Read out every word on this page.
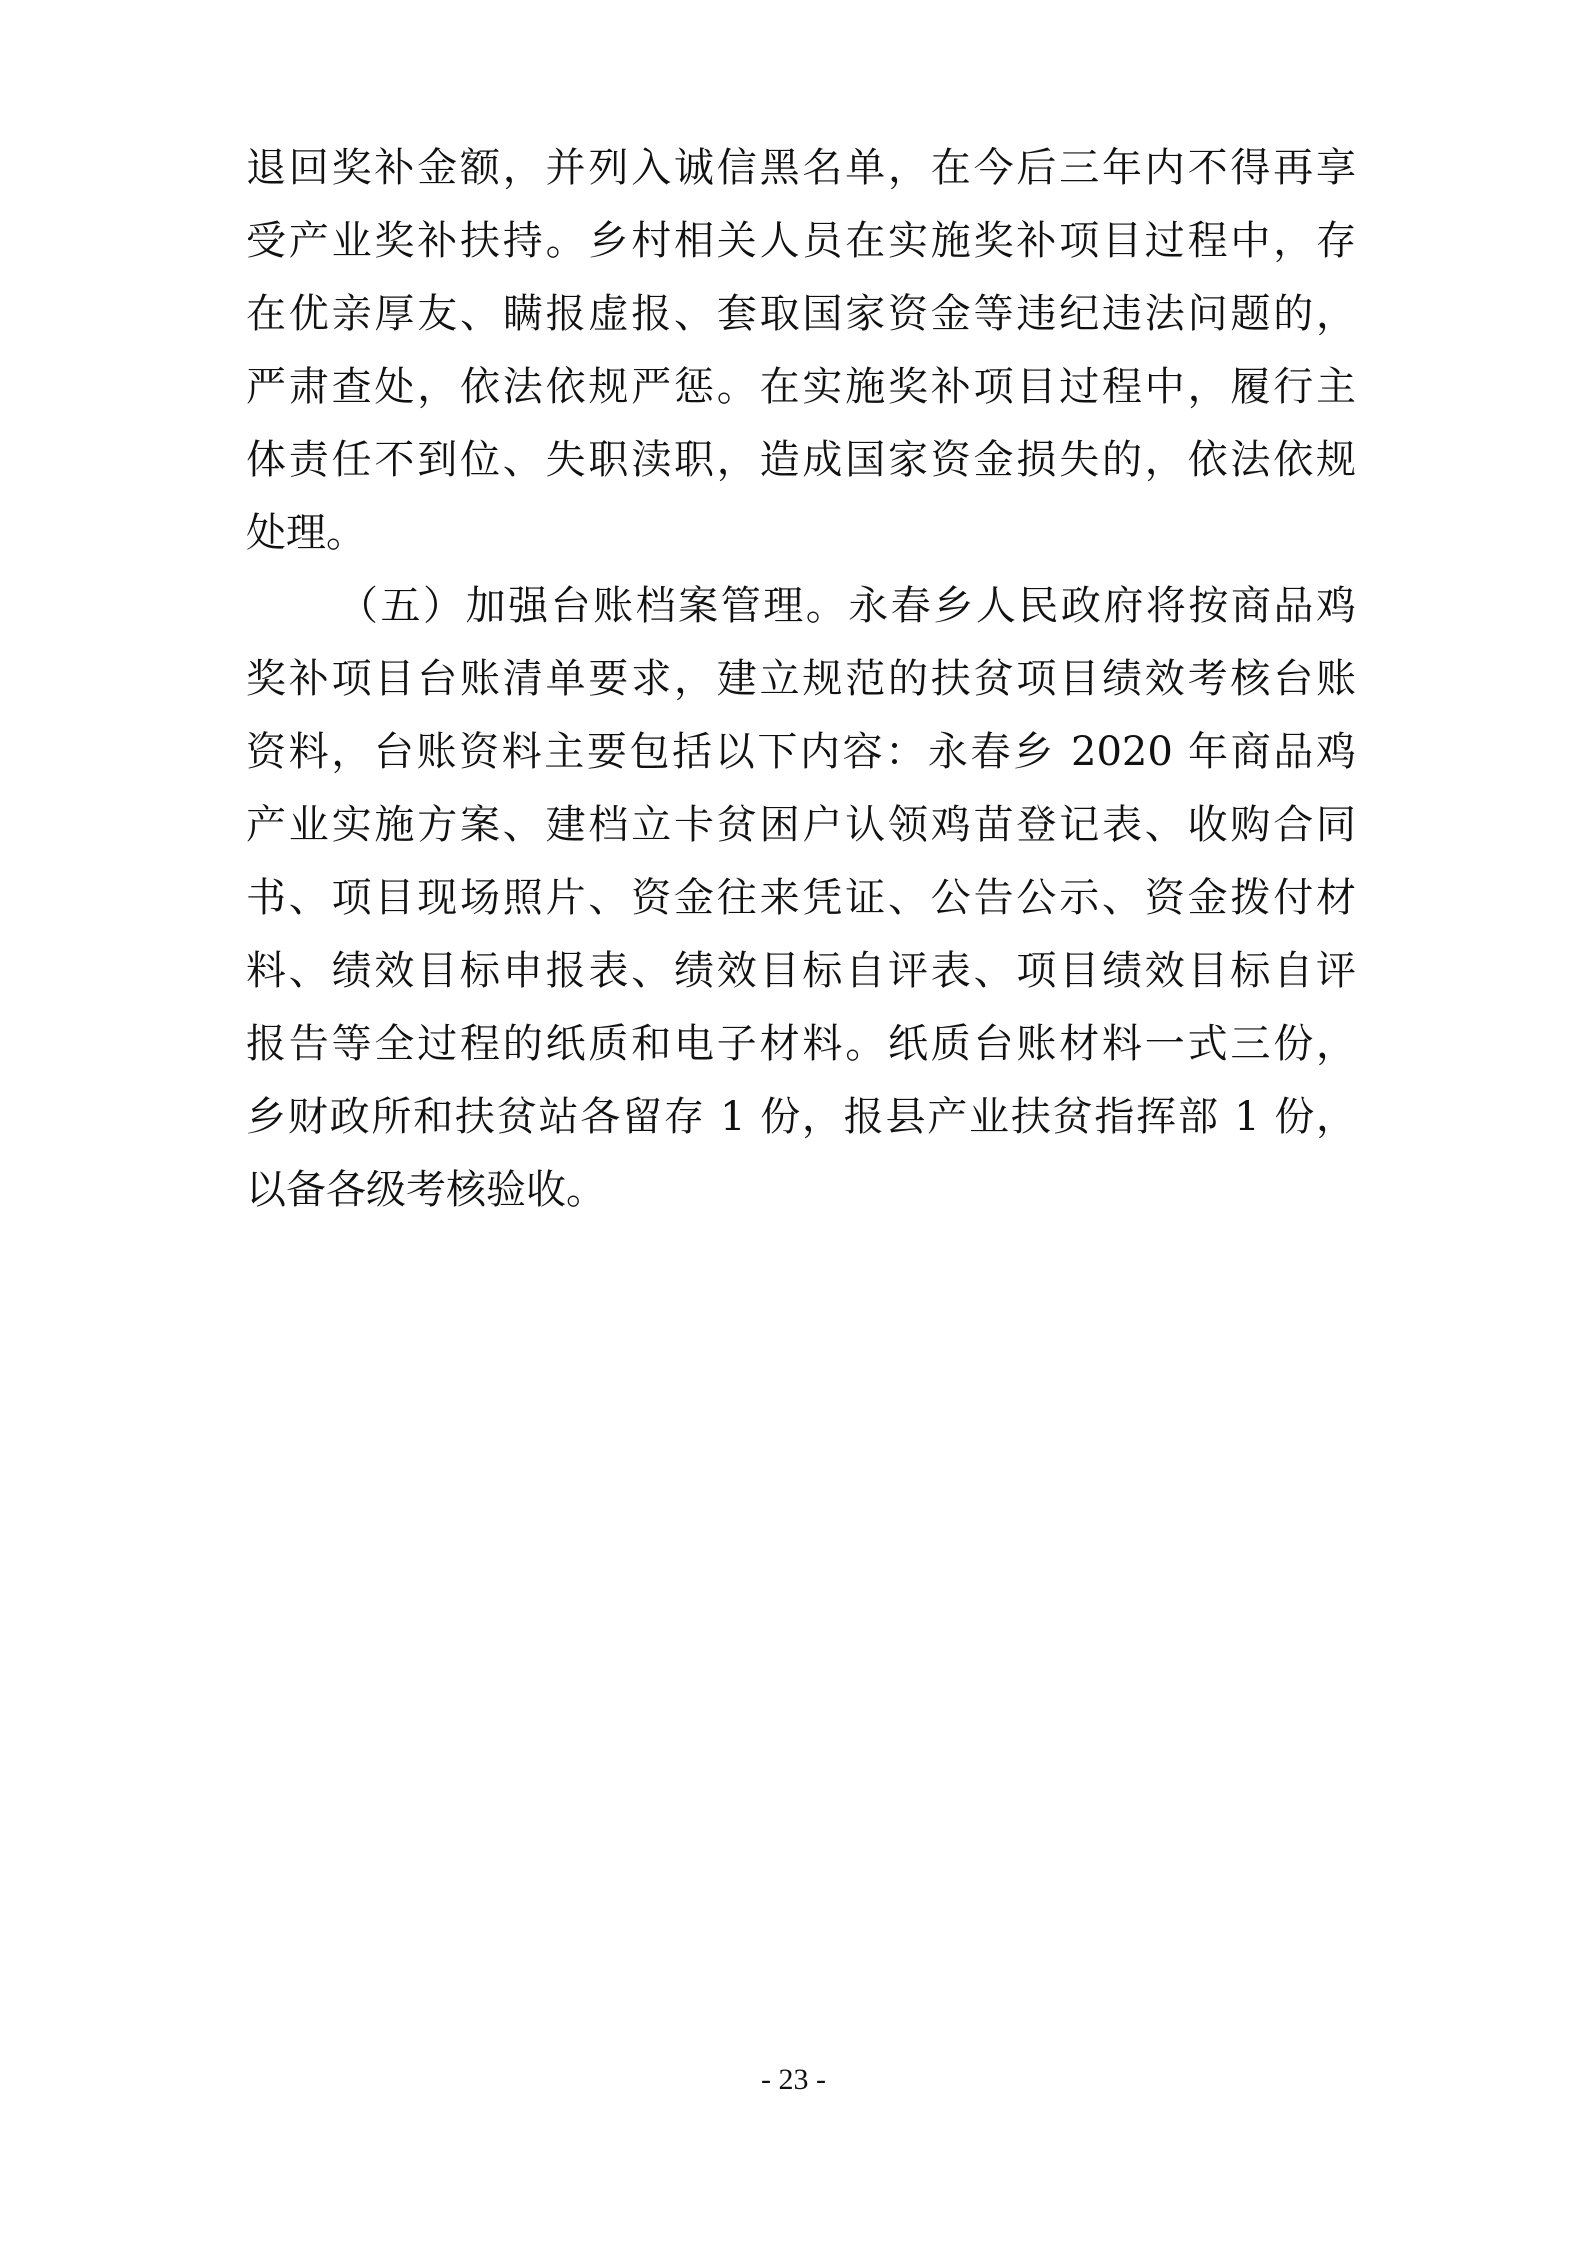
退回奖补金额，并列入诚信黑名单，在今后三年内不得再享
受产业奖补扶持。乡村相关人员在实施奖补项目过程中，存
在优亲厚友、瞒报虚报、套取国家资金等违纪违法问题的，
严肃查处，依法依规严惩。在实施奖补项目过程中，履行主
体责任不到位、失职渎职，造成国家资金损失的，依法依规
处理。
（五）加强台账档案管理。永春乡人民政府将按商品鸡
奖补项目台账清单要求，建立规范的扶贫项目绩效考核台账
资料，台账资料主要包括以下内容：永春乡 2020 年商品鸡
产业实施方案、建档立卡贫困户认领鸡苗登记表、收购合同
书、项目现场照片、资金往来凭证、公告公示、资金拨付材
料、绩效目标申报表、绩效目标自评表、项目绩效目标自评
报告等全过程的纸质和电子材料。纸质台账材料一式三份，
乡财政所和扶贫站各留存 1 份，报县产业扶贫指挥部 1 份，
以备各级考核验收。
- 23 -
